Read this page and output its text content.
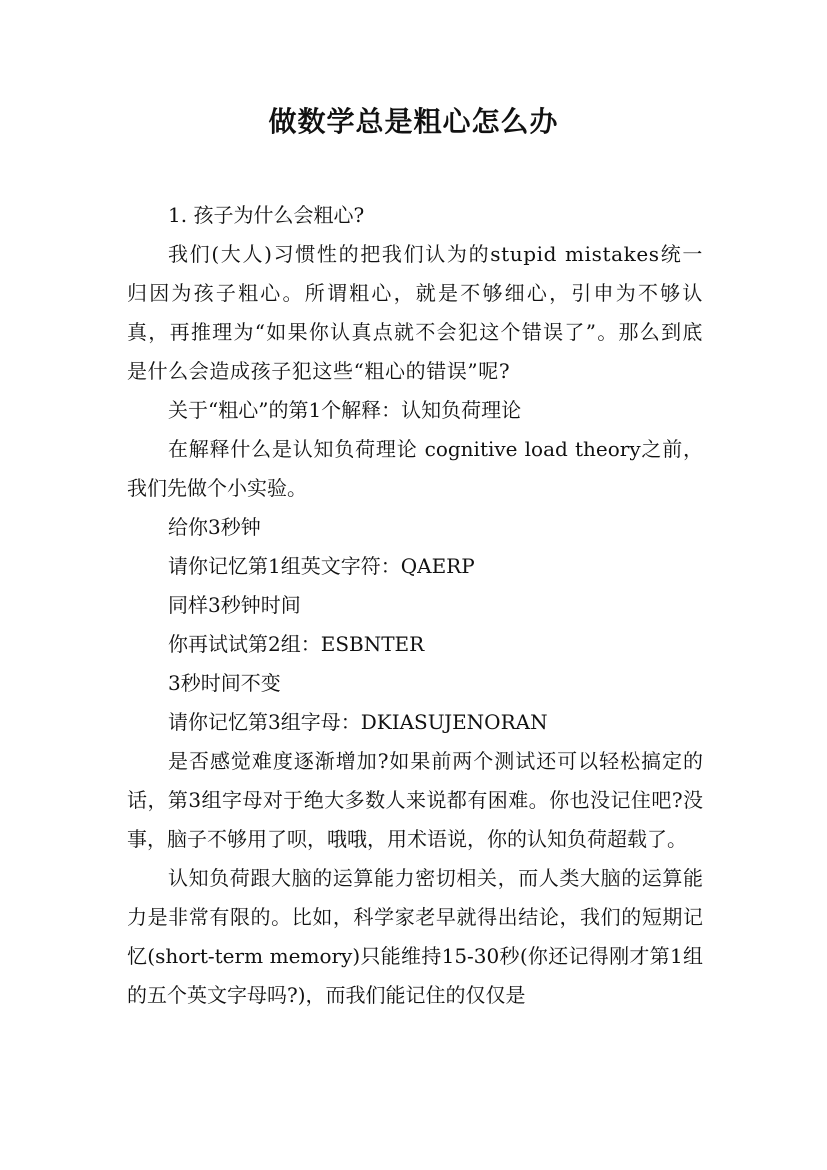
做数学总是粗心怎么办

1. 孩子为什么会粗心?

我们(大人)习惯性的把我们认为的stupid mistakes统一归因为孩子粗心。所谓粗心，就是不够细心，引申为不够认真，再推理为“如果你认真点就不会犯这个错误了”。那么到底是什么会造成孩子犯这些“粗心的错误”呢?

关于“粗心”的第1个解释：认知负荷理论

在解释什么是认知负荷理论 cognitive load theory之前，我们先做个小实验。

给你3秒钟

请你记忆第1组英文字符：QAERP

同样3秒钟时间

你再试试第2组：ESBNTER

3秒时间不变

请你记忆第3组字母：DKIASUJENORAN

是否感觉难度逐渐增加?如果前两个测试还可以轻松搞定的话，第3组字母对于绝大多数人来说都有困难。你也没记住吧?没事，脑子不够用了呗，哦哦，用术语说，你的认知负荷超载了。

认知负荷跟大脑的运算能力密切相关，而人类大脑的运算能力是非常有限的。比如，科学家老早就得出结论，我们的短期记忆(short-term memory)只能维持15-30秒(你还记得刚才第1组的五个英文字母吗?)，而我们能记住的仅仅是
